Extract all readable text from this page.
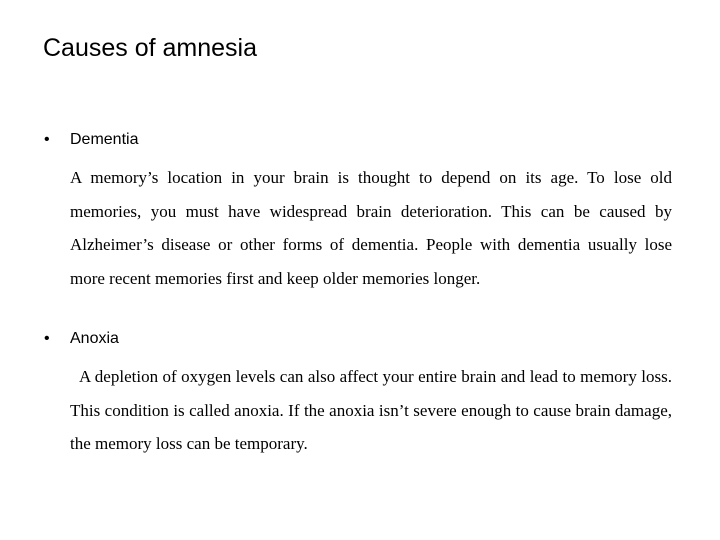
Causes of amnesia
• Dementia

A memory’s location in your brain is thought to depend on its age. To lose old memories, you must have widespread brain deterioration. This can be caused by Alzheimer’s disease or other forms of dementia. People with dementia usually lose more recent memories first and keep older memories longer.

• Anoxia

A depletion of oxygen levels can also affect your entire brain and lead to memory loss. This condition is called anoxia. If the anoxia isn’t severe enough to cause brain damage, the memory loss can be temporary.
